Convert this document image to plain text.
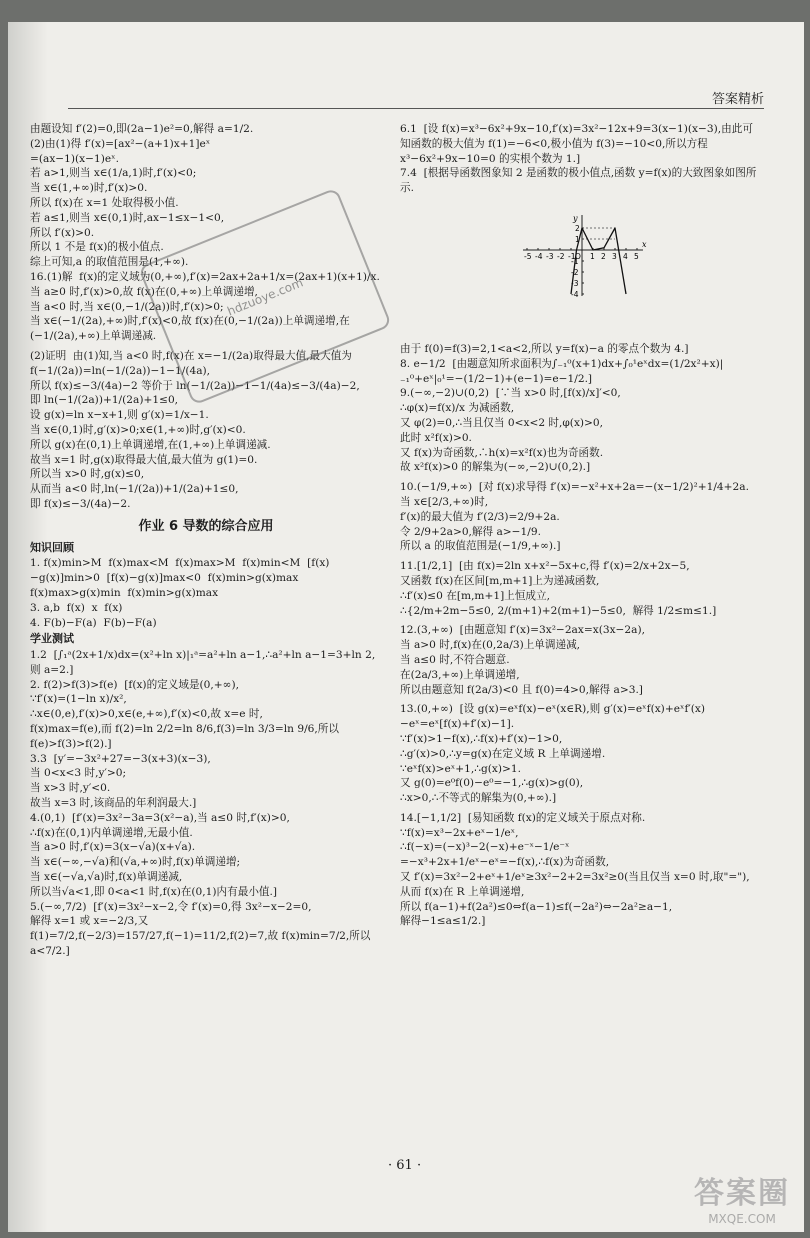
答案精析

由题设知 f′(2)=0,即(2a−1)e²=0,解得 a=1/2.

(2)由(1)得 f′(x)=[ax²−(a+1)x+1]eˣ

=(ax−1)(x−1)eˣ.

若 a>1,则当 x∈(1/a,1)时,f′(x)<0;

当 x∈(1,+∞)时,f′(x)>0.

所以 f(x)在 x=1 处取得极小值.

若 a≤1,则当 x∈(0,1)时,ax−1≤x−1<0,

所以 f′(x)>0.

所以 1 不是 f(x)的极小值点.

综上可知,a 的取值范围是(1,+∞).

16.(1)解  f(x)的定义域为(0,+∞),f′(x)=2ax+2a+1/x=(2ax+1)(x+1)/x.

当 a≥0 时,f′(x)>0,故 f(x)在(0,+∞)上单调递增,

当 a<0 时,当 x∈(0,−1/(2a))时,f′(x)>0;

当 x∈(−1/(2a),+∞)时,f′(x)<0,故 f(x)在(0,−1/(2a))上单调递增,在(−1/(2a),+∞)上单调递减.

(2)证明  由(1)知,当 a<0 时,f(x)在 x=−1/(2a)取得最大值,最大值为 f(−1/(2a))=ln(−1/(2a))−1−1/(4a),

所以 f(x)≤−3/(4a)−2 等价于 ln(−1/(2a))−1−1/(4a)≤−3/(4a)−2,

即 ln(−1/(2a))+1/(2a)+1≤0,

设 g(x)=ln x−x+1,则 g′(x)=1/x−1.

当 x∈(0,1)时,g′(x)>0;x∈(1,+∞)时,g′(x)<0.

所以 g(x)在(0,1)上单调递增,在(1,+∞)上单调递减.

故当 x=1 时,g(x)取得最大值,最大值为 g(1)=0.

所以当 x>0 时,g(x)≤0,

从而当 a<0 时,ln(−1/(2a))+1/(2a)+1≤0,

即 f(x)≤−3/(4a)−2.

作业 6 导数的综合应用
知识回顾

1. f(x)min>M  f(x)max<M  f(x)max>M  f(x)min<M  [f(x)−g(x)]min>0  [f(x)−g(x)]max<0  f(x)min>g(x)max  f(x)max>g(x)min  f(x)min>g(x)max

3. a,b  f(x)  x  f(x)

4. F(b)−F(a)  F(b)−F(a)

学业测试

1.2  [∫₁ᵃ(2x+1/x)dx=(x²+ln x)|₁ᵃ=a²+ln a−1,∴a²+ln a−1=3+ln 2,则 a=2.]

2. f(2)>f(3)>f(e)  [f(x)的定义域是(0,+∞),

∵f′(x)=(1−ln x)/x²,

∴x∈(0,e),f′(x)>0,x∈(e,+∞),f′(x)<0,故 x=e 时,

f(x)max=f(e),而 f(2)=ln 2/2=ln 8/6,f(3)=ln 3/3=ln 9/6,所以 f(e)>f(3)>f(2).]

3.3  [y′=−3x²+27=−3(x+3)(x−3),

当 0<x<3 时,y′>0;

当 x>3 时,y′<0.

故当 x=3 时,该商品的年利润最大.]

4.(0,1)  [f′(x)=3x²−3a=3(x²−a),当 a≤0 时,f′(x)>0,

∴f(x)在(0,1)内单调递增,无最小值.

当 a>0 时,f′(x)=3(x−√a)(x+√a).

当 x∈(−∞,−√a)和(√a,+∞)时,f(x)单调递增;

当 x∈(−√a,√a)时,f(x)单调递减,

所以当√a<1,即 0<a<1 时,f(x)在(0,1)内有最小值.]

5.(−∞,7/2)  [f′(x)=3x²−x−2,令 f′(x)=0,得 3x²−x−2=0,

解得 x=1 或 x=−2/3,又 f(1)=7/2,f(−2/3)=157/27,f(−1)=11/2,f(2)=7,故 f(x)min=7/2,所以 a<7/2.]

6.1  [设 f(x)=x³−6x²+9x−10,f′(x)=3x²−12x+9=3(x−1)(x−3),由此可知函数的极大值为 f(1)=−6<0,极小值为 f(3)=−10<0,所以方程 x³−6x²+9x−10=0 的实根个数为 1.]

7.4  [根据导函数图象知 2 是函数的极小值点,函数 y=f(x)的大致图象如图所示.

-5 -4 -3 -2 -1 O 1 2 3 4 5
2
1
-1
-2
-3
-4
x
y

由于 f(0)=f(3)=2,1<a<2,所以 y=f(x)−a 的零点个数为 4.]

8. e−1/2  [由题意知所求面积为∫₋₁⁰(x+1)dx+∫₀¹eˣdx=(1/2x²+x)|₋₁⁰+eˣ|₀¹=−(1/2−1)+(e−1)=e−1/2.]

9.(−∞,−2)∪(0,2)  [∵当 x>0 时,[f(x)/x]′<0,

∴φ(x)=f(x)/x 为减函数,

又 φ(2)=0,∴当且仅当 0<x<2 时,φ(x)>0,

此时 x²f(x)>0.

又 f(x)为奇函数,∴h(x)=x²f(x)也为奇函数.

故 x²f(x)>0 的解集为(−∞,−2)∪(0,2).]

10.(−1/9,+∞)  [对 f(x)求导得 f′(x)=−x²+x+2a=−(x−1/2)²+1/4+2a.

当 x∈[2/3,+∞)时,

f′(x)的最大值为 f′(2/3)=2/9+2a.

令 2/9+2a>0,解得 a>−1/9.

所以 a 的取值范围是(−1/9,+∞).]

11.[1/2,1]  [由 f(x)=2ln x+x²−5x+c,得 f′(x)=2/x+2x−5,

又函数 f(x)在区间[m,m+1]上为递减函数,

∴f′(x)≤0 在[m,m+1]上恒成立,

∴{2/m+2m−5≤0, 2/(m+1)+2(m+1)−5≤0,  解得 1/2≤m≤1.]

12.(3,+∞)  [由题意知 f′(x)=3x²−2ax=x(3x−2a),

当 a>0 时,f(x)在(0,2a/3)上单调递减,

当 a≤0 时,不符合题意.

在(2a/3,+∞)上单调递增,

所以由题意知 f(2a/3)<0 且 f(0)=4>0,解得 a>3.]

13.(0,+∞)  [设 g(x)=eˣf(x)−eˣ(x∈R),则 g′(x)=eˣf(x)+eˣf′(x)−eˣ=eˣ[f(x)+f′(x)−1].

∵f′(x)>1−f(x),∴f(x)+f′(x)−1>0,

∴g′(x)>0,∴y=g(x)在定义域 R 上单调递增.

∵eˣf(x)>eˣ+1,∴g(x)>1.

又 g(0)=e⁰f(0)−e⁰=−1,∴g(x)>g(0),

∴x>0,∴不等式的解集为(0,+∞).]

14.[−1,1/2]  [易知函数 f(x)的定义域关于原点对称.

∵f(x)=x³−2x+eˣ−1/eˣ,

∴f(−x)=(−x)³−2(−x)+e⁻ˣ−1/e⁻ˣ

=−x³+2x+1/eˣ−eˣ=−f(x),∴f(x)为奇函数,

又 f′(x)=3x²−2+eˣ+1/eˣ≥3x²−2+2=3x²≥0(当且仅当 x=0 时,取"="),从而 f(x)在 R 上单调递增,

所以 f(a−1)+f(2a²)≤0⇔f(a−1)≤f(−2a²)⇔−2a²≥a−1,

解得−1≤a≤1/2.]

hdzuoye.com
· 61 ·
答案圈
MXQE.COM
